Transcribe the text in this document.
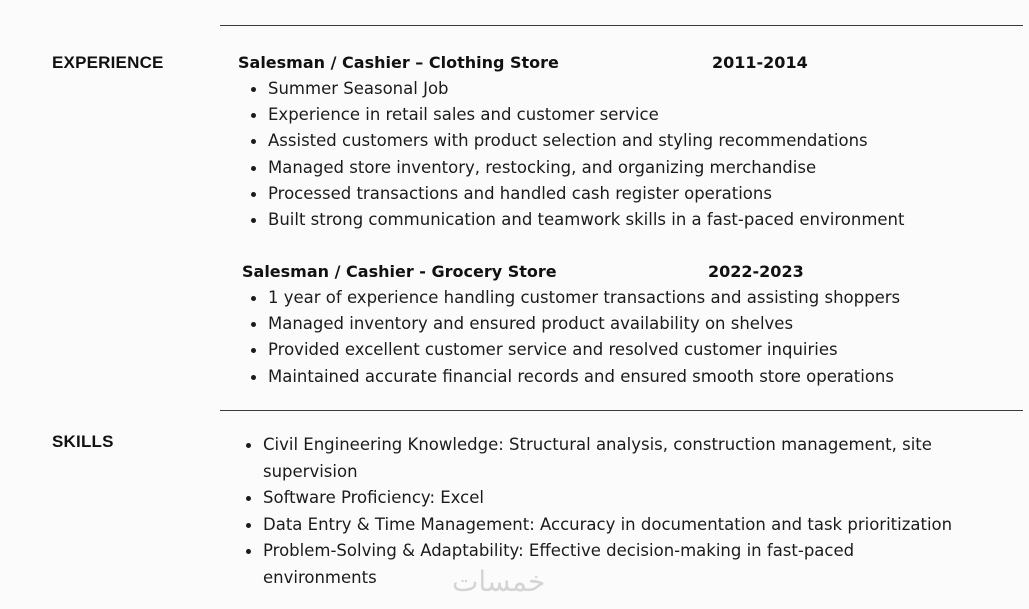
EXPERIENCE	Salesman / Cashier – Clothing Store	2011-2014
Summer Seasonal Job
Experience in retail sales and customer service
Assisted customers with product selection and styling recommendations
Managed store inventory, restocking, and organizing merchandise
Processed transactions and handled cash register operations
Built strong communication and teamwork skills in a fast-paced environment
Salesman / Cashier - Grocery Store	2022-2023
1 year of experience handling customer transactions and assisting shoppers
Managed inventory and ensured product availability on shelves
Provided excellent customer service and resolved customer inquiries
Maintained accurate financial records and ensured smooth store operations
SKILLS	Civil Engineering Knowledge: Structural analysis, construction management, site supervision
Software Proficiency: Excel
Data Entry & Time Management: Accuracy in documentation and task prioritization
Problem-Solving & Adaptability: Effective decision-making in fast-paced environments	خمسات
